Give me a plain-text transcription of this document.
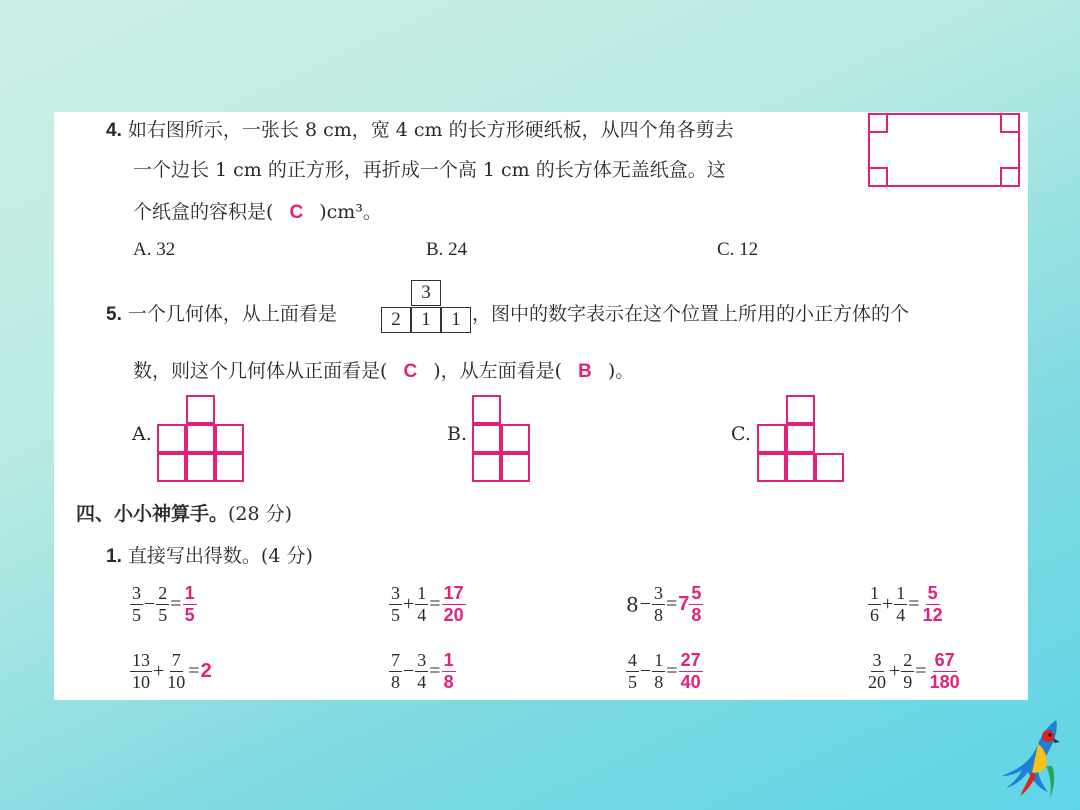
4. 如右图所示，一张长 8 cm，宽 4 cm 的长方形硬纸板，从四个角各剪去
一个边长 1 cm 的正方形，再折成一个高 1 cm 的长方体无盖纸盒。这
个纸盒的容积是( C )cm³。
A. 32	B. 24	C. 12
5. 一个几何体，从上面看是
3
2	1	1 ，图中的数字表示在这个位置上所用的小正方体的个
数，则这个几何体从正面看是( C )，从左面看是( B )。
A.	B.	C.
四、小小神算手。(28 分)
1. 直接写出得数。(4 分)
$\frac{3}{5} - \frac{2}{5} = \frac{1}{5}$	$\frac{3}{5} + \frac{1}{4} = \frac{17}{20}$	$8- \frac{3}{8} =7 \frac{5}{8}$	$\frac{1}{6} + \frac{1}{4} = \frac{5}{12}$
$\frac{13}{10} + \frac{7}{10} =2$	$\frac{7}{8} - \frac{3}{4} = \frac{1}{8}$	$\frac{4}{5} - \frac{1}{8} = \frac{27}{40}$	$\frac{3}{20} + \frac{2}{9} = \frac{67}{180}$
